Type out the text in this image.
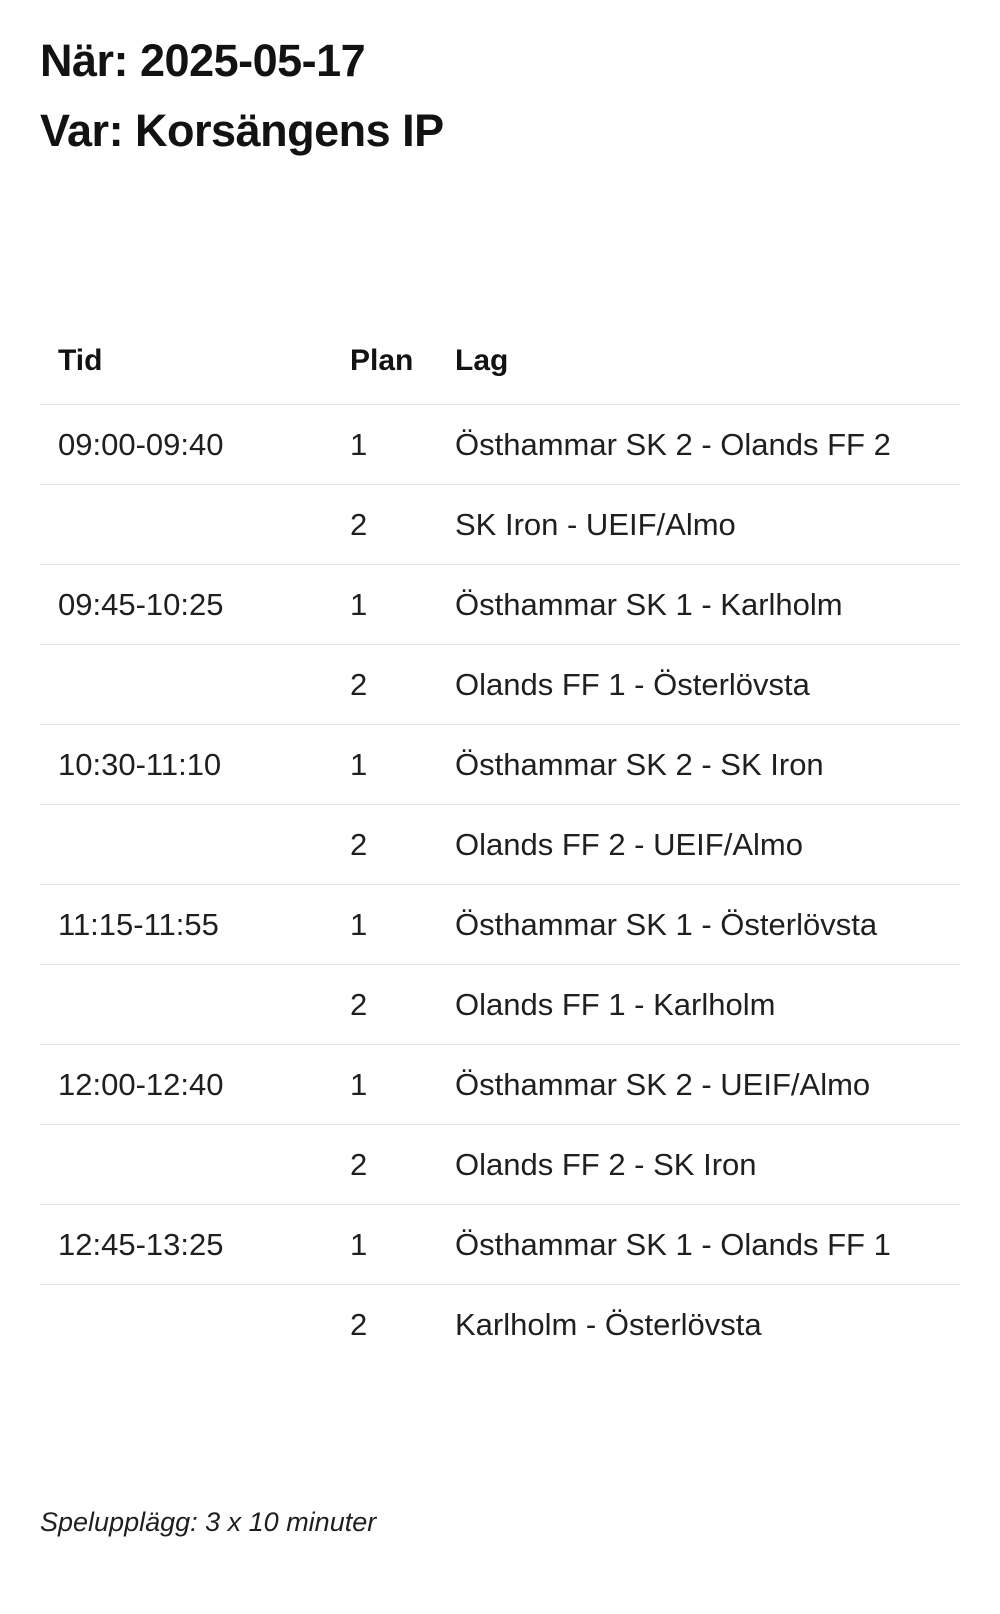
När: 2025-05-17
Var: Korsängens IP
Tid	Plan	Lag
09:00-09:40	1	Östhammar SK 2 - Olands FF 2
	2	SK Iron - UEIF/Almo
09:45-10:25	1	Östhammar SK 1 - Karlholm
	2	Olands FF 1 - Österlövsta
10:30-11:10	1	Östhammar SK 2 - SK Iron
	2	Olands FF 2 - UEIF/Almo
11:15-11:55	1	Östhammar SK 1 - Österlövsta
	2	Olands FF 1 - Karlholm
12:00-12:40	1	Östhammar SK 2 - UEIF/Almo
	2	Olands FF 2 - SK Iron
12:45-13:25	1	Östhammar SK 1 - Olands FF 1
	2	Karlholm - Österlövsta
Spelupplägg: 3 x 10 minuter
